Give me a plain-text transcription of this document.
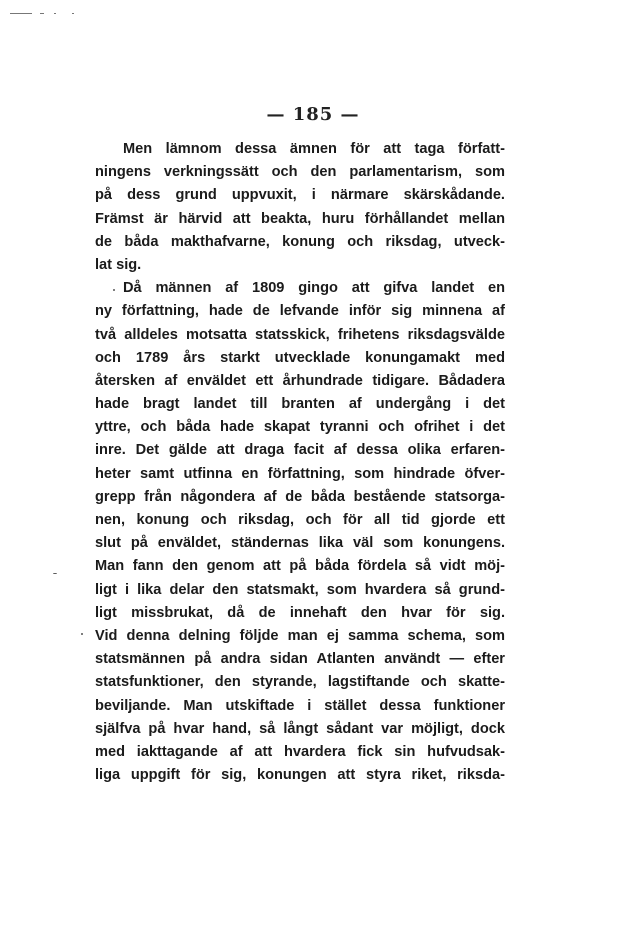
— 185 —
Men lämnom dessa ämnen för att taga författ-
ningens verkningssätt och den parlamentarism, som
på dess grund uppvuxit, i närmare skärskådande.
Främst är härvid att beakta, huru förhållandet mellan
de båda makthafvarne, konung och riksdag, utveck-
lat sig.
Då männen af 1809 gingo att gifva landet en
ny författning, hade de lefvande inför sig minnena af
två alldeles motsatta statsskick, frihetens riksdagsvälde
och 1789 års starkt utvecklade konungamakt med
återsken af enväldet ett århundrade tidigare. Bådadera
hade bragt landet till branten af undergång i det
yttre, och båda hade skapat tyranni och ofrihet i det
inre. Det gälde att draga facit af dessa olika erfaren-
heter samt utfinna en författning, som hindrade öfver-
grepp från någondera af de båda bestående statsorga-
nen, konung och riksdag, och för all tid gjorde ett
slut på enväldet, ständernas lika väl som konungens.
Man fann den genom att på båda fördela så vidt möj-
ligt i lika delar den statsmakt, som hvardera så grund-
ligt missbrukat, då de innehaft den hvar för sig.
Vid denna delning följde man ej samma schema, som
statsmännen på andra sidan Atlanten användt — efter
statsfunktioner, den styrande, lagstiftande och skatte-
beviljande. Man utskiftade i stället dessa funktioner
själfva på hvar hand, så långt sådant var möjligt, dock
med iakttagande af att hvardera fick sin hufvudsak-
liga uppgift för sig, konungen att styra riket, riksda-
